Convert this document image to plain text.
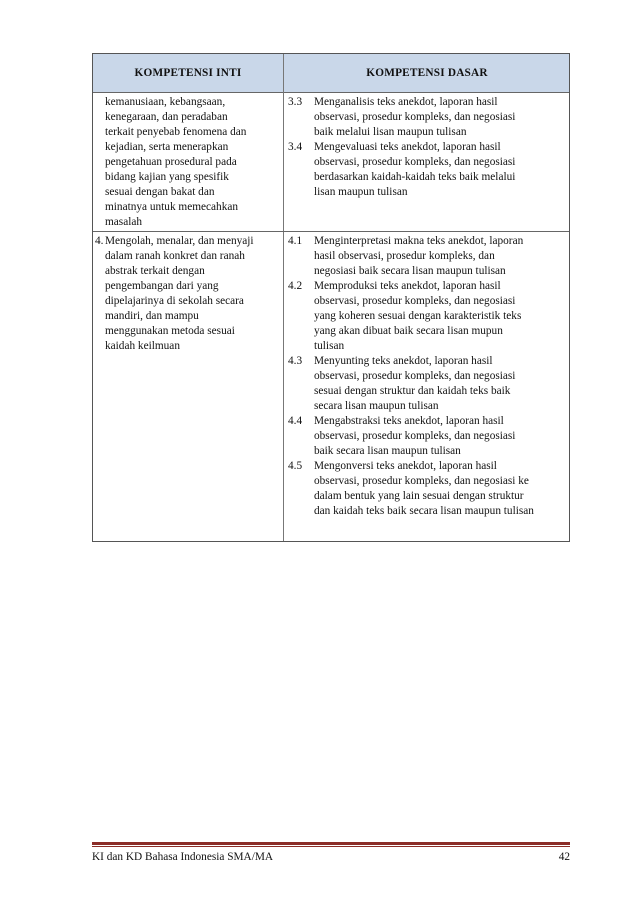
KOMPETENSI INTI	KOMPETENSI DASAR
kemanusiaan, kebangsaan,
kenegaraan, dan peradaban
terkait penyebab fenomena dan
kejadian, serta menerapkan
pengetahuan prosedural pada
bidang kajian yang spesifik
sesuai dengan bakat dan
minatnya untuk memecahkan
masalah
3.3 Menganalisis teks anekdot, laporan hasil
observasi, prosedur kompleks, dan negosiasi
baik melalui lisan maupun tulisan
3.4 Mengevaluasi teks anekdot, laporan hasil
observasi, prosedur kompleks, dan negosiasi
berdasarkan kaidah-kaidah teks baik melalui
lisan maupun tulisan
4. Mengolah, menalar, dan menyaji
dalam ranah konkret dan ranah
abstrak terkait dengan
pengembangan dari yang
dipelajarinya di sekolah secara
mandiri, dan mampu
menggunakan metoda sesuai
kaidah keilmuan
4.1 Menginterpretasi makna teks anekdot, laporan
hasil observasi, prosedur kompleks, dan
negosiasi baik secara lisan maupun tulisan
4.2 Memproduksi teks anekdot, laporan hasil
observasi, prosedur kompleks, dan negosiasi
yang koheren sesuai dengan karakteristik teks
yang akan dibuat baik secara lisan mupun
tulisan
4.3 Menyunting teks anekdot, laporan hasil
observasi, prosedur kompleks, dan negosiasi
sesuai dengan struktur dan kaidah teks baik
secara lisan maupun tulisan
4.4 Mengabstraksi teks anekdot, laporan hasil
observasi, prosedur kompleks, dan negosiasi
baik secara lisan maupun tulisan
4.5 Mengonversi teks anekdot, laporan hasil
observasi, prosedur kompleks, dan negosiasi ke
dalam bentuk yang lain sesuai dengan struktur
dan kaidah teks baik secara lisan maupun tulisan
KI dan KD Bahasa Indonesia SMA/MA	42
